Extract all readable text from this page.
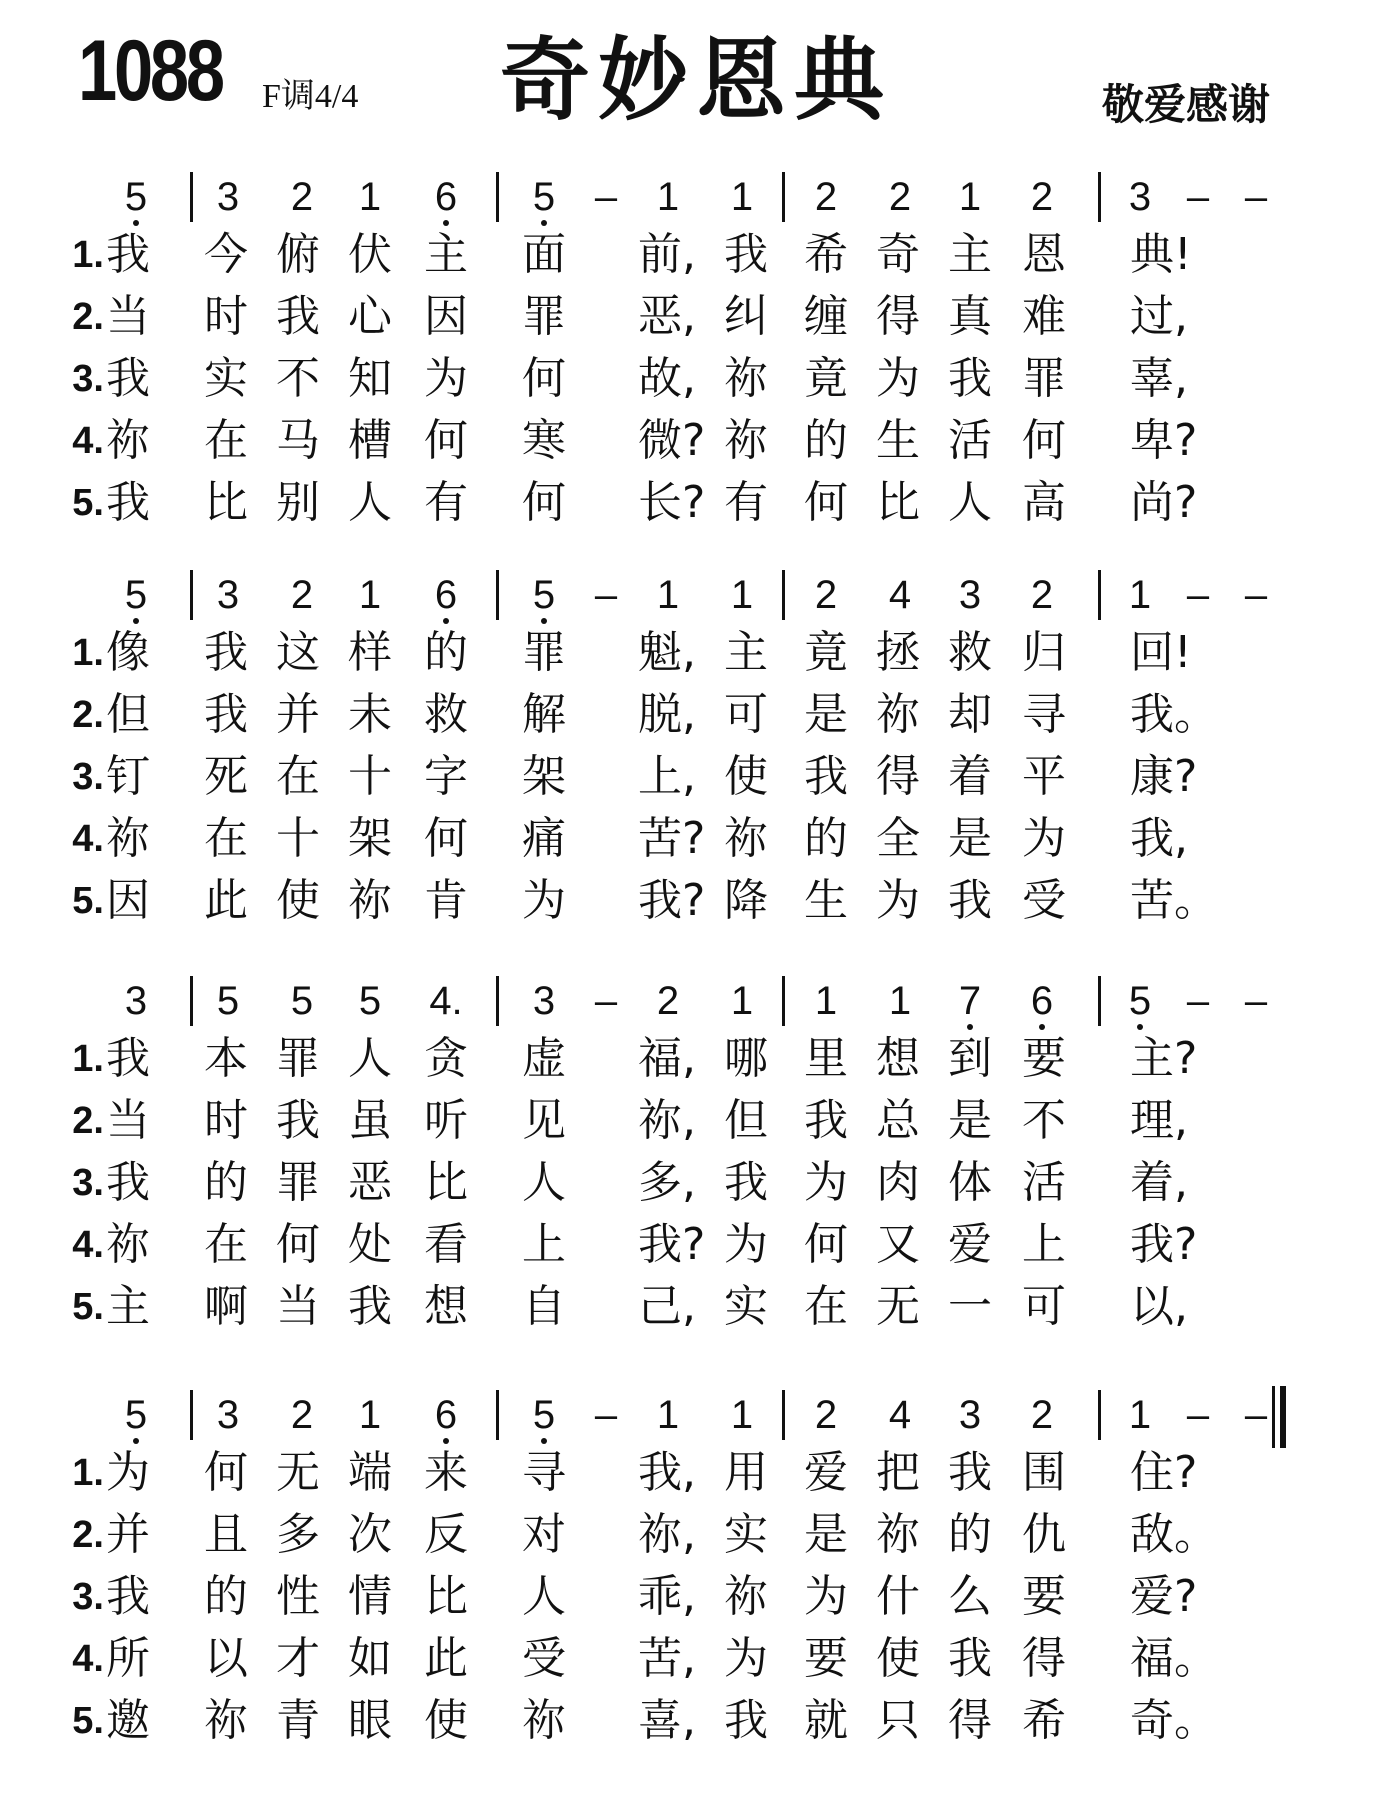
1088 F调4/4 奇妙恩典	敬爱感谢
5 3 2 1 6 5 – 1 1 2 2 1 2 3 – –
1. 我 今 俯 伏 主 面 前, 我 希 奇 主 恩 典!
2. 当 时 我 心 因 罪 恶, 纠 缠 得 真 难 过,
3. 我 实 不 知 为 何 故, 祢 竟 为 我 罪 辜,
4. 祢 在 马 槽 何 寒 微? 祢 的 生 活 何 卑?
5. 我 比 别 人 有 何 长? 有 何 比 人 高 尚?
5 3 2 1 6 5 – 1 1 2 4 3 2 1 – –
1. 像 我 这 样 的 罪 魁, 主 竟 拯 救 归 回!
2. 但 我 并 未 救 解 脱, 可 是 祢 却 寻 我。
3. 钉 死 在 十 字 架 上, 使 我 得 着 平 康?
4. 祢 在 十 架 何 痛 苦? 祢 的 全 是 为 我,
5. 因 此 使 祢 肯 为 我? 降 生 为 我 受 苦。
3 5 5 5 4. 3 – 2 1 1 1 7 6 5 – –
1. 我 本 罪 人 贪 虚 福, 哪 里 想 到 要 主?
2. 当 时 我 虽 听 见 祢, 但 我 总 是 不 理,
3. 我 的 罪 恶 比 人 多, 我 为 肉 体 活 着,
4. 祢 在 何 处 看 上 我? 为 何 又 爱 上 我?
5. 主 啊 当 我 想 自 己, 实 在 无 一 可 以,
5 3 2 1 6 5 – 1 1 2 4 3 2 1 – –
1. 为 何 无 端 来 寻 我, 用 爱 把 我 围 住?
2. 并 且 多 次 反 对 祢, 实 是 祢 的 仇 敌。
3. 我 的 性 情 比 人 乖, 祢 为 什 么 要 爱?
4. 所 以 才 如 此 受 苦, 为 要 使 我 得 福。
5. 邀 祢 青 眼 使 祢 喜, 我 就 只 得 希 奇。
